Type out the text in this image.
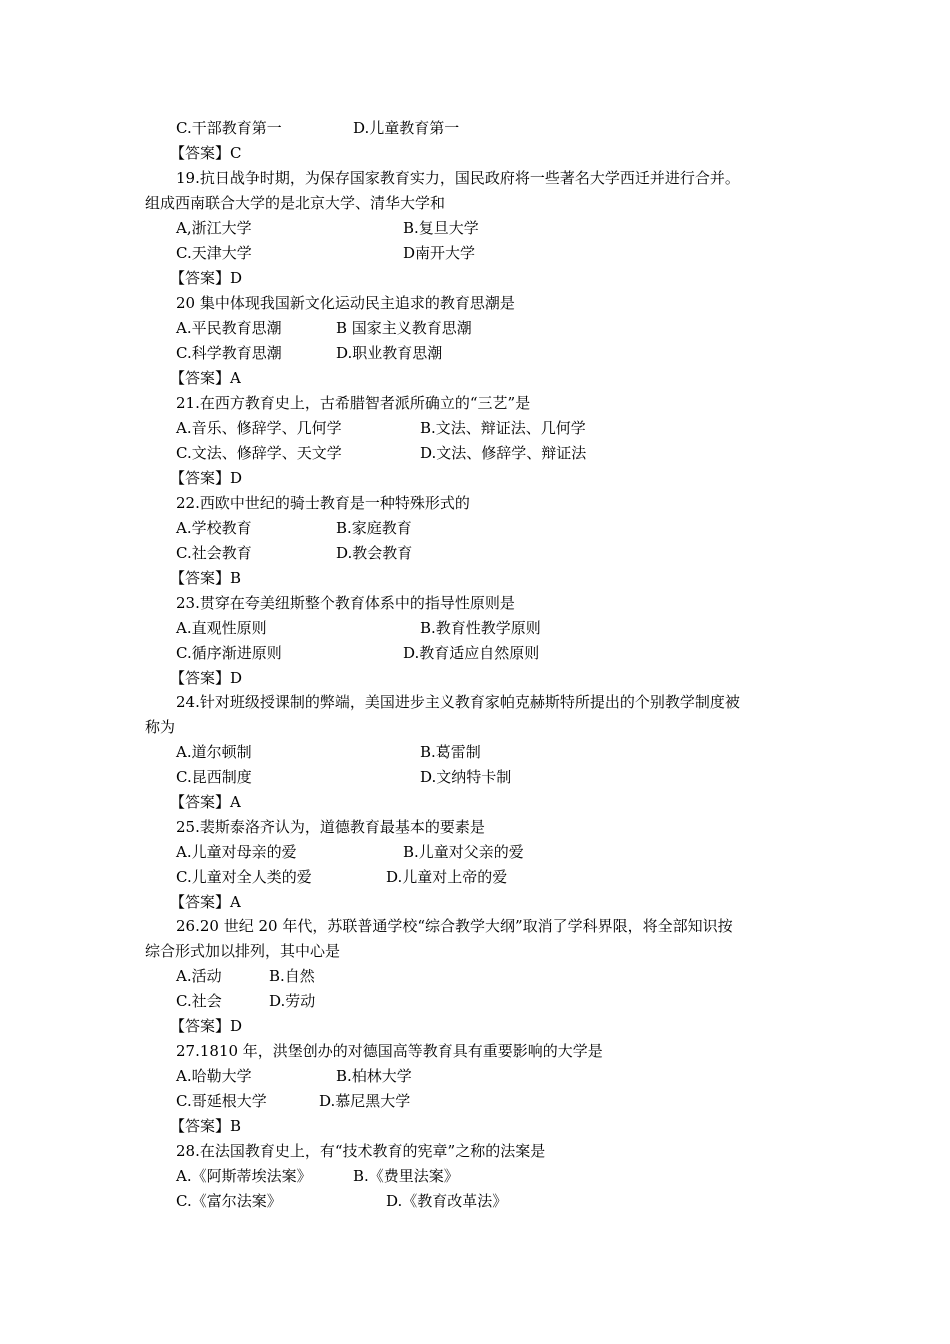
C.干部教育第一	D.儿童教育第一
【答案】C
19.抗日战争时期，为保存国家教育实力，国民政府将一些著名大学西迁并进行合并。
组成西南联合大学的是北京大学、清华大学和
A,浙江大学	B.复旦大学
C.天津大学	D南开大学
【答案】D
20 集中体现我国新文化运动民主追求的教育思潮是
A.平民教育思潮	B 国家主义教育思潮
C.科学教育思潮	D.职业教育思潮
【答案】A
21.在西方教育史上，古希腊智者派所确立的“三艺”是
A.音乐、修辞学、几何学	B.文法、辩证法、几何学
C.文法、修辞学、天文学	D.文法、修辞学、辩证法
【答案】D
22.西欧中世纪的骑士教育是一种特殊形式的
A.学校教育	B.家庭教育
C.社会教育	D.教会教育
【答案】B
23.贯穿在夸美纽斯整个教育体系中的指导性原则是
A.直观性原则	B.教育性教学原则
C.循序渐进原则	D.教育适应自然原则
【答案】D
24.针对班级授课制的弊端，美国进步主义教育家帕克赫斯特所提出的个别教学制度被
称为
A.道尔顿制	B.葛雷制
C.昆西制度	D.文纳特卡制
【答案】A
25.裴斯泰洛齐认为，道德教育最基本的要素是
A.儿童对母亲的爱	B.儿童对父亲的爱
C.儿童对全人类的爱	D.儿童对上帝的爱
【答案】A
26.20 世纪 20 年代，苏联普通学校“综合教学大纲”取消了学科界限，将全部知识按
综合形式加以排列，其中心是
A.活动	B.自然
C.社会	D.劳动
【答案】D
27.1810 年，洪堡创办的对德国高等教育具有重要影响的大学是
A.哈勒大学	B.柏林大学
C.哥延根大学	D.慕尼黑大学
【答案】B
28.在法国教育史上，有“技术教育的宪章”之称的法案是
A.《阿斯蒂埃法案》	B.《费里法案》
C.《富尔法案》	D.《教育改革法》
